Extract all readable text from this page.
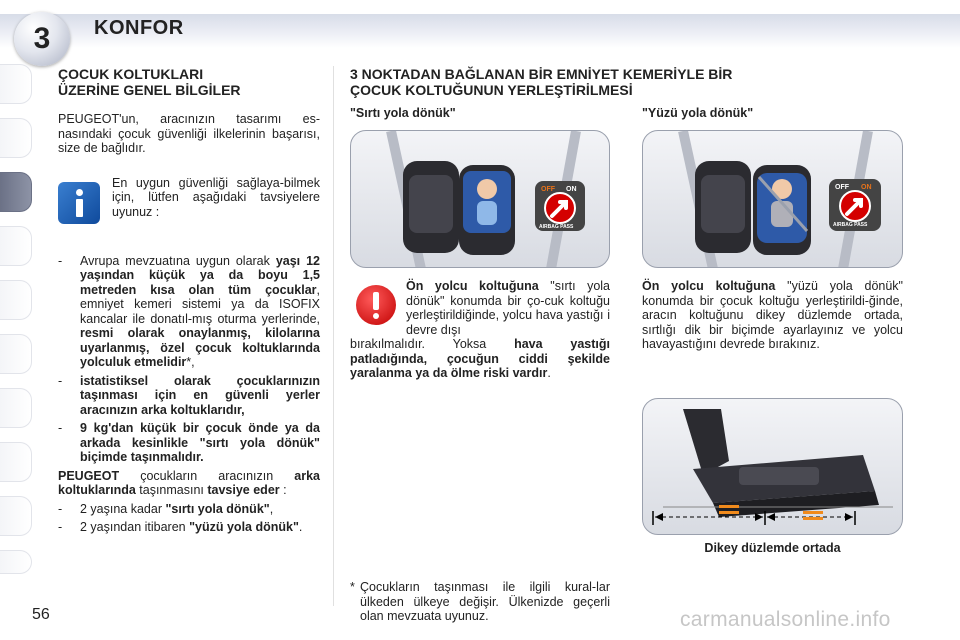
3 KONFOR
ÇOCUK KOLTUKLARI
ÜZERİNE GENEL BİLGİLER

PEUGEOT'un, aracınızın tasarımı es-nasındaki çocuk güvenliği ilkelerinin başarısı, size de bağlıdır.

En uygun güvenliği sağlaya-bilmek için, lütfen aşağıdaki tavsiyelere uyunuz :

- Avrupa mevzuatına uygun olarak yaşı 12 yaşından küçük ya da boyu 1,5 metreden kısa olan tüm çocuklar, emniyet kemeri sistemi ya da ISOFIX kancalar ile donatıl-mış oturma yerlerinde, resmi olarak onaylanmış, kilolarına uyarlanmış, özel çocuk koltuklarında yolculuk etmelidir*,
- istatistiksel olarak çocuklarınızın taşınması için en güvenli yerler aracınızın arka koltuklarıdır,
- 9 kg'dan küçük bir çocuk önde ya da arkada kesinlikle "sırtı yola dönük" biçimde taşınmalıdır.

PEUGEOT çocukların aracınızın arka koltuklarında taşınmasını tavsiye eder :

- 2 yaşına kadar "sırtı yola dönük",
- 2 yaşından itibaren "yüzü yola dönük".
3 NOKTADAN BAĞLANAN BİR EMNİYET KEMERİYLE BİR
ÇOCUK KOLTUĞUNUN YERLEŞTİRİLMESİ
"Sırtı yola dönük"	"Yüzü yola dönük"
OFF ON
AIRBAG PASS
OFF ON
AIRBAG PASS

Ön yolcu koltuğuna "sırtı yola dönük" konumda bir ço-cuk koltuğu yerleştirildiğinde, yolcu hava yastığı i devre dışı

bırakılmalıdır. Yoksa hava yastığı patladığında, çocuğun ciddi şekilde yaralanma ya da ölme riski vardır.

Ön yolcu koltuğuna "yüzü yola dönük" konumda bir çocuk koltuğu yerleştirildi-ğinde, aracın koltuğunu dikey düzlemde ortada, sırtlığı dik bir biçimde ayarlayınız ve yolcu havayastığını devrede bırakınız.

Dikey düzlemde ortada
* Çocukların taşınması ile ilgili kural-lar ülkeden ülkeye değişir. Ülkenizde geçerli olan mevzuata uyunuz.

56	carmanualsonline.info
